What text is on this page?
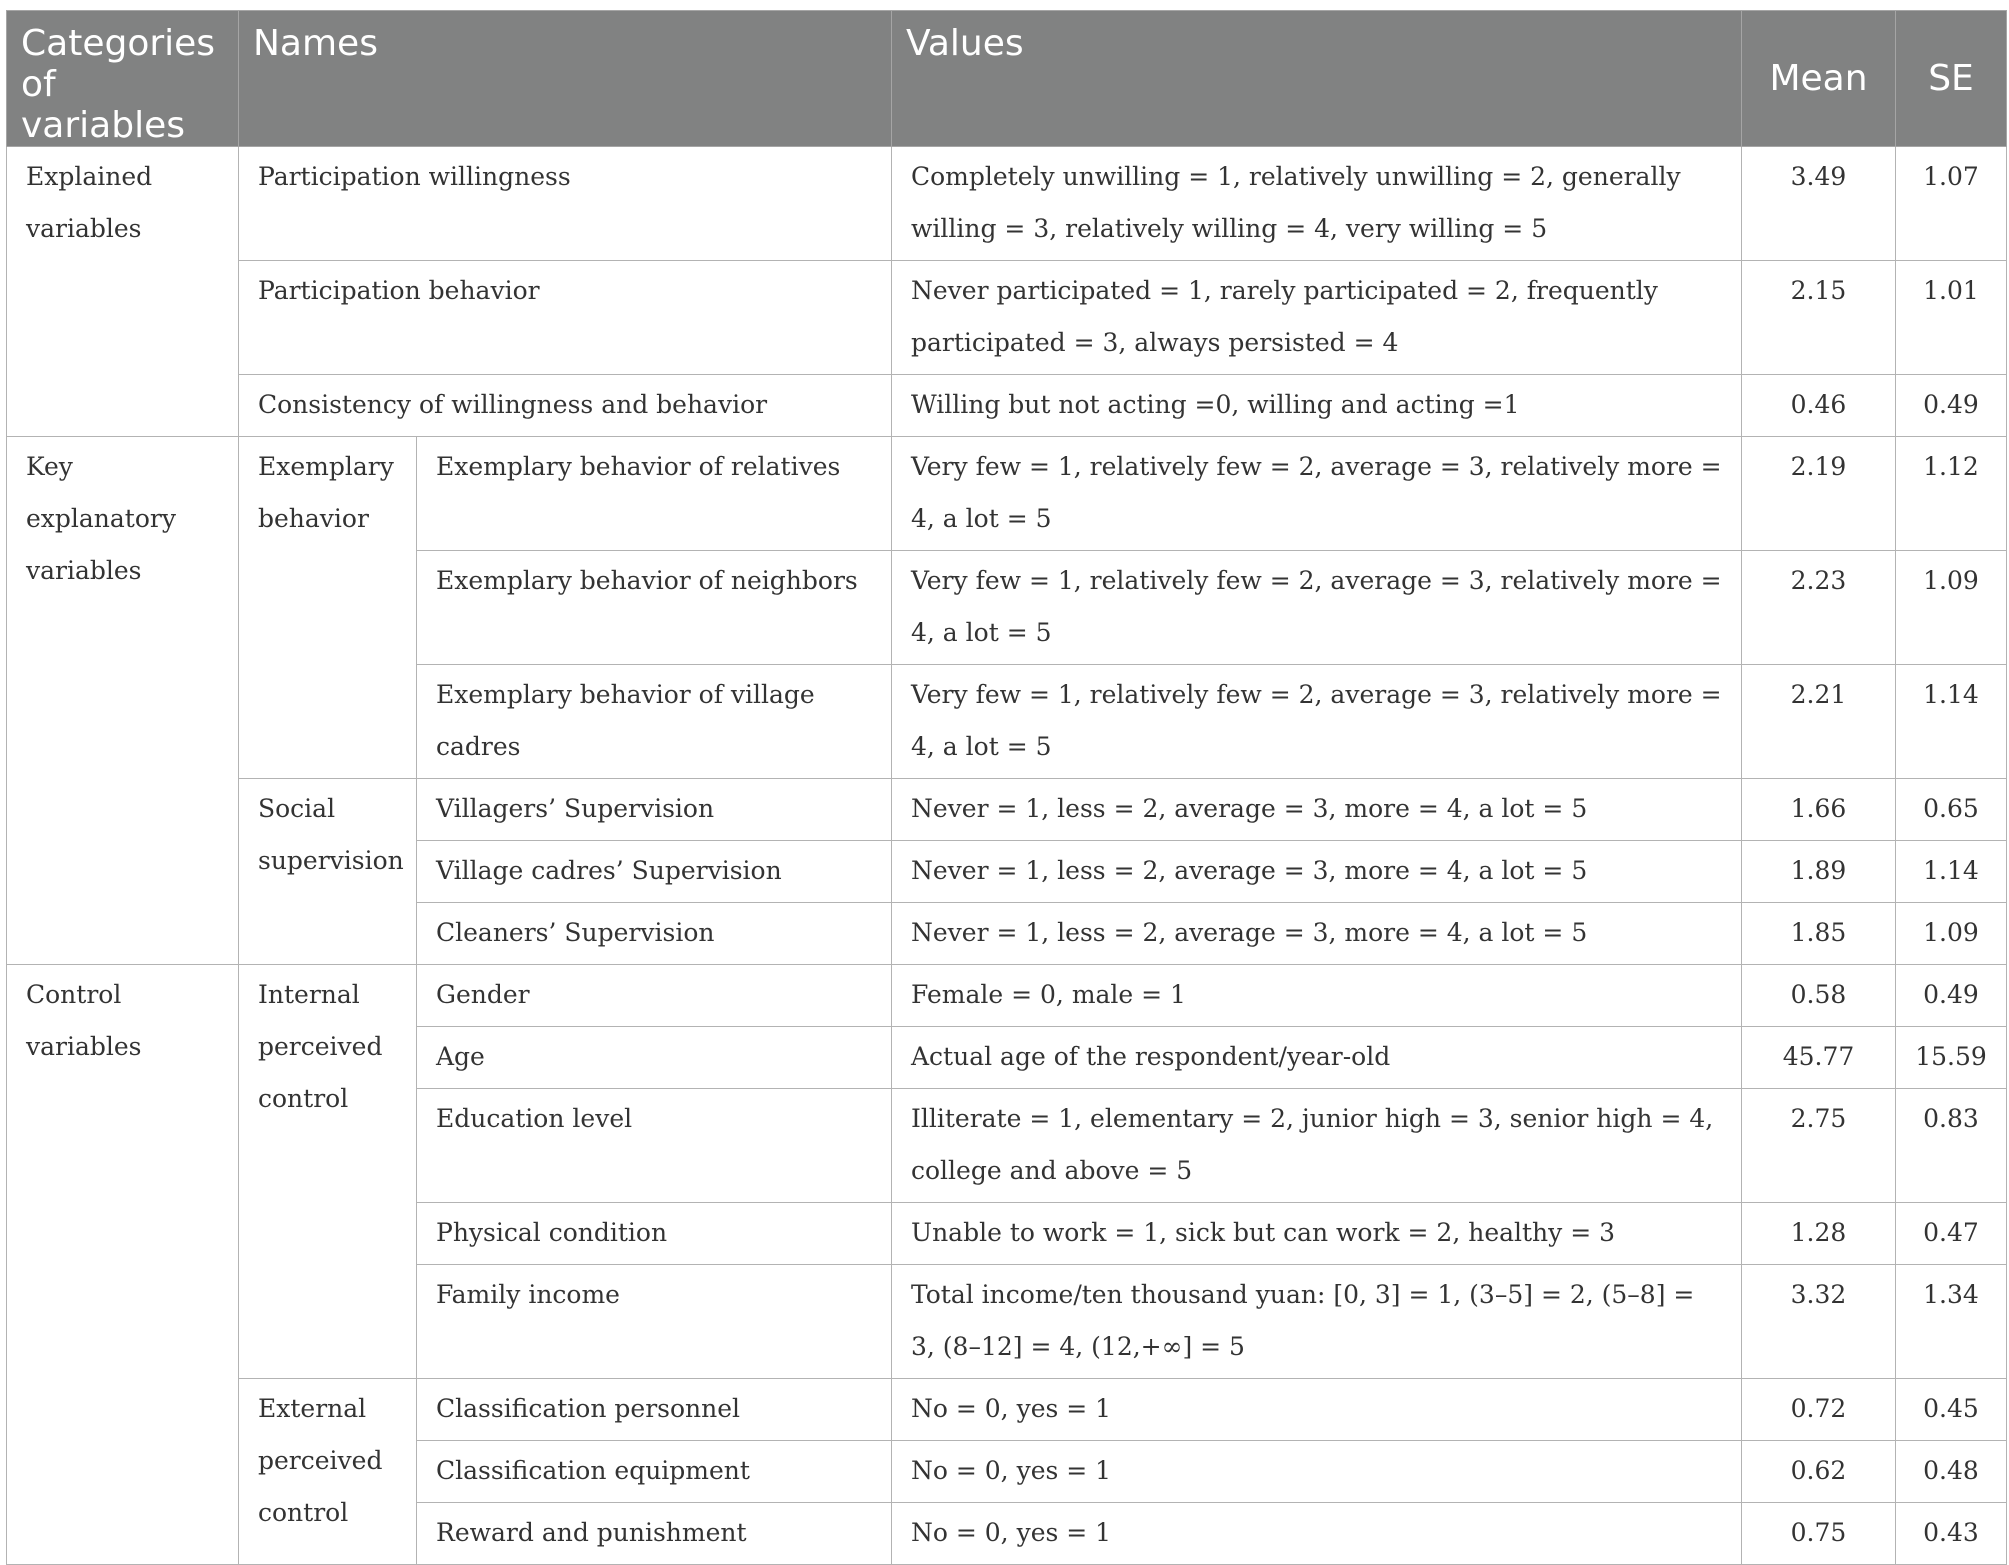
Categories of variables	Names		Values	Mean	SE
Explained variables	Participation willingness		Completely unwilling = 1, relatively unwilling = 2, generally willing = 3, relatively willing = 4, very willing = 5	3.49	1.07
	Participation behavior		Never participated = 1, rarely participated = 2, frequently participated = 3, always persisted = 4	2.15	1.01
	Consistency of willingness and behavior		Willing but not acting =0, willing and acting =1	0.46	0.49
Key explanatory variables	Exemplary behavior	Exemplary behavior of relatives	Very few = 1, relatively few = 2, average = 3, relatively more = 4, a lot = 5	2.19	1.12
		Exemplary behavior of neighbors	Very few = 1, relatively few = 2, average = 3, relatively more = 4, a lot = 5	2.23	1.09
		Exemplary behavior of village cadres	Very few = 1, relatively few = 2, average = 3, relatively more = 4, a lot = 5	2.21	1.14
	Social supervision	Villagers’ Supervision	Never = 1, less = 2, average = 3, more = 4, a lot = 5	1.66	0.65
		Village cadres’ Supervision	Never = 1, less = 2, average = 3, more = 4, a lot = 5	1.89	1.14
		Cleaners’ Supervision	Never = 1, less = 2, average = 3, more = 4, a lot = 5	1.85	1.09
Control variables	Internal perceived control	Gender	Female = 0, male = 1	0.58	0.49
		Age	Actual age of the respondent/year-old	45.77	15.59
		Education level	Illiterate = 1, elementary = 2, junior high = 3, senior high = 4, college and above = 5	2.75	0.83
		Physical condition	Unable to work = 1, sick but can work = 2, healthy = 3	1.28	0.47
		Family income	Total income/ten thousand yuan: [0, 3] = 1, (3–5] = 2, (5–8] = 3, (8–12] = 4, (12,+∞] = 5	3.32	1.34
	External perceived control	Classification personnel	No = 0, yes = 1	0.72	0.45
		Classification equipment	No = 0, yes = 1	0.62	0.48
		Reward and punishment	No = 0, yes = 1	0.75	0.43
